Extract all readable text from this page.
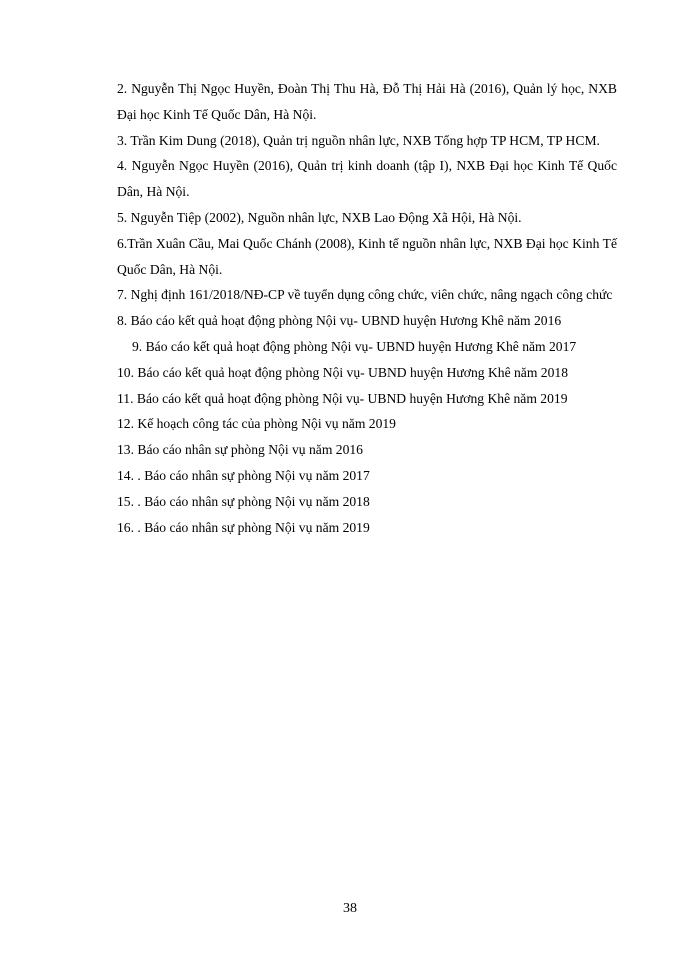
2. Nguyễn Thị Ngọc Huyền, Đoàn Thị Thu Hà, Đỗ Thị Hải Hà (2016), Quản lý học, NXB Đại học Kinh Tế Quốc Dân, Hà Nội.

3. Trần Kim Dung (2018), Quản trị nguồn nhân lực, NXB Tổng hợp TP HCM, TP HCM.

4. Nguyễn Ngọc Huyền (2016), Quản trị kinh doanh (tập I), NXB Đại học Kinh Tế Quốc Dân, Hà Nội.

5. Nguyễn Tiệp (2002), Nguồn nhân lực, NXB Lao Động Xã Hội, Hà Nội.

6.Trần Xuân Cầu, Mai Quốc Chánh (2008), Kinh tế nguồn nhân lực, NXB Đại học Kinh Tế Quốc Dân, Hà Nội.

7. Nghị định 161/2018/NĐ-CP về tuyển dụng công chức, viên chức, nâng ngạch công chức

8. Báo cáo kết quả hoạt động phòng Nội vụ- UBND huyện Hương Khê năm 2016

9. Báo cáo kết quả hoạt động phòng Nội vụ- UBND huyện Hương Khê năm 2017

10. Báo cáo kết quả hoạt động phòng Nội vụ- UBND huyện Hương Khê năm 2018

11. Báo cáo kết quả hoạt động phòng Nội vụ- UBND huyện Hương Khê năm 2019

12. Kế hoạch công tác của phòng Nội vụ năm 2019

13. Báo cáo nhân sự phòng Nội vụ năm 2016

14. . Báo cáo nhân sự phòng Nội vụ năm 2017

15. . Báo cáo nhân sự phòng Nội vụ năm 2018

16. . Báo cáo nhân sự phòng Nội vụ năm 2019

38
